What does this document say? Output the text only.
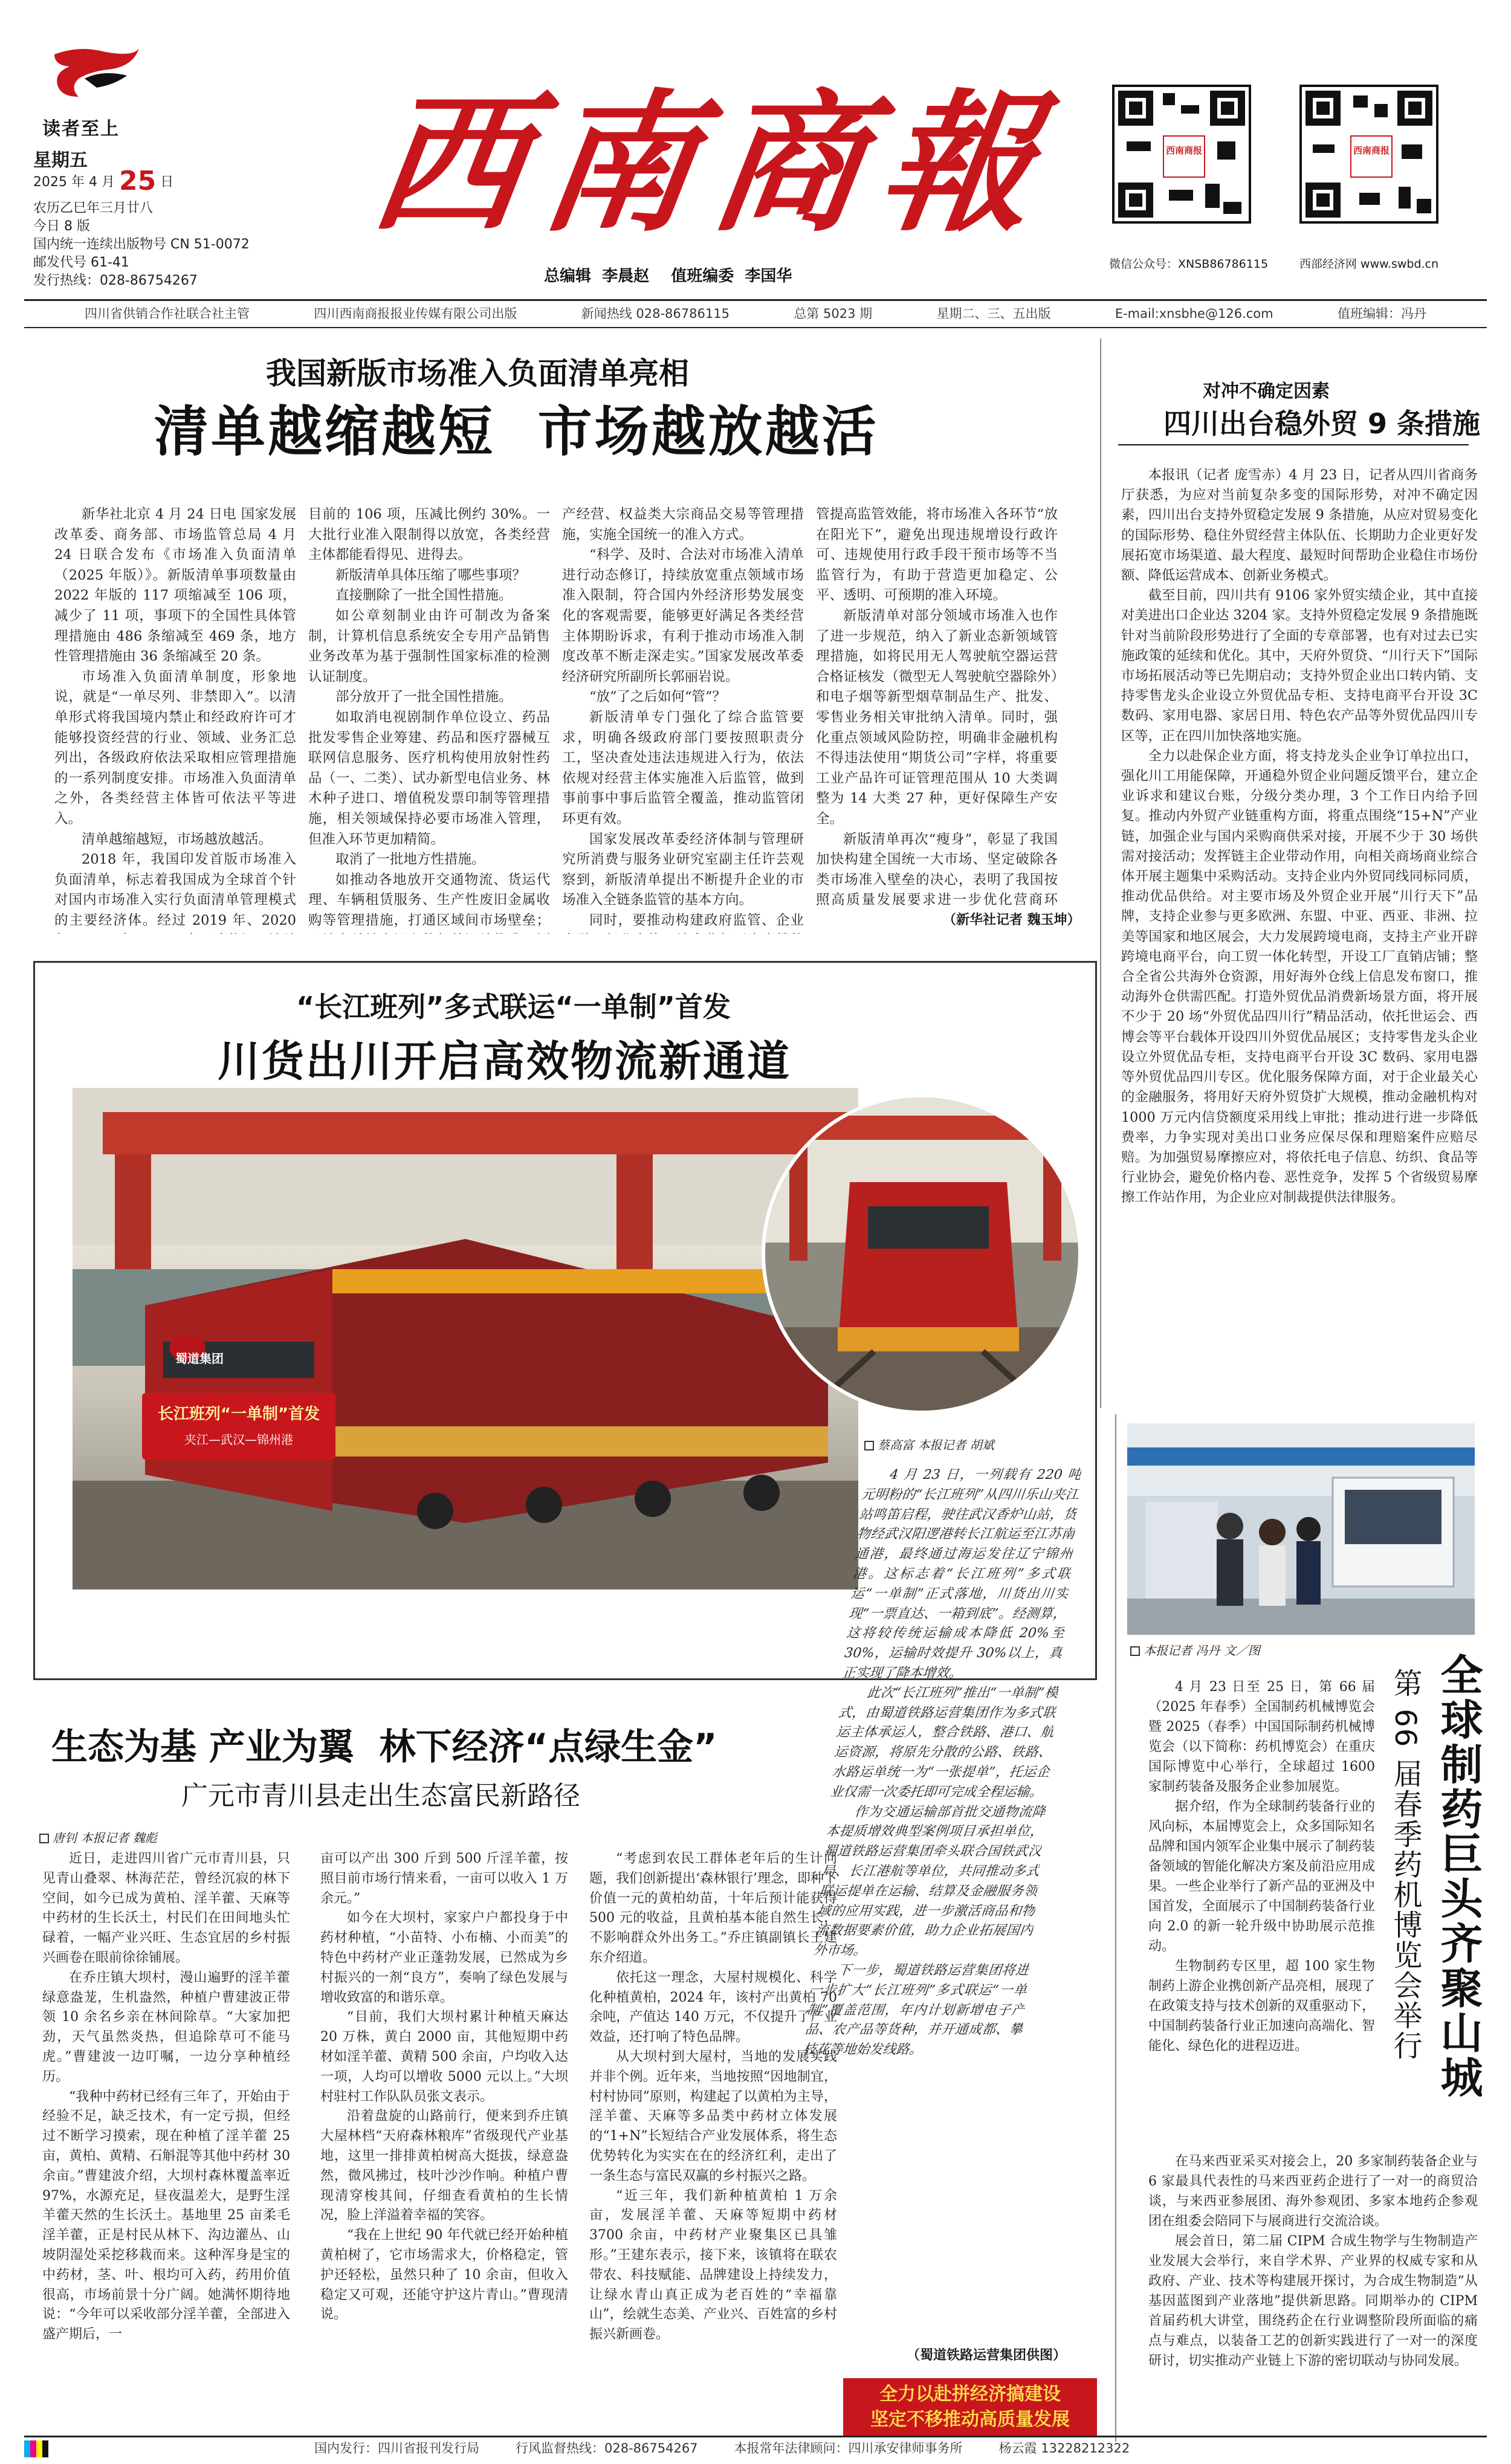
读者至上
星期五
2025 年 4 月 25 日
农历乙巳年三月廿八
今日 8 版
国内统一连续出版物号 CN 51-0072
邮发代号 61-41
发行热线：028-86754267
西南商報
总编辑  李晨赵    值班编委  李国华
西南商报
微信公众号：XNSB86786115
西南商报
西部经济网 www.swbd.cn
四川省供销合作社联合社主管	四川西南商报报业传媒有限公司出版	新闻热线 028-86786115	总第 5023 期	星期二、三、五出版	E-mail:xnsbhe@126.com	值班编辑：冯丹
我国新版市场准入负面清单亮相
清单越缩越短  市场越放越活

新华社北京 4 月 24 日电 国家发展改革委、商务部、市场监管总局 4 月 24 日联合发布《市场准入负面清单（2025 年版）》。新版清单事项数量由 2022 年版的 117 项缩减至 106 项，减少了 11 项，事项下的全国性具体管理措施由 486 条缩减至 469 条，地方性管理措施由 36 条缩减至 20 条。

市场准入负面清单制度，形象地说，就是“一单尽列、非禁即入”。以清单形式将我国境内禁止和经政府许可才能够投资经营的行业、领域、业务汇总列出，各级政府依法采取相应管理措施的一系列制度安排。市场准入负面清单之外，各类经营主体皆可依法平等进入。

清单越缩越短，市场越放越活。

2018 年，我国印发首版市场准入负面清单，标志着我国成为全球首个针对国内市场准入实行负面清单管理模式的主要经济体。经过 2019 年、2020

目前的 106 项，压减比例约 30%。一大批行业准入限制得以放宽，各类经营主体都能看得见、进得去。

新版清单具体压缩了哪些事项？

直接删除了一批全国性措施。

如公章刻制业由许可制改为备案制，计算机信息系统安全专用产品销售业务改革为基于强制性国家标准的检测认证制度。

部分放开了一批全国性措施。

如取消电视剧制作单位设立、药品批发零售企业筹建、药品和医疗器械互联网信息服务、医疗机构使用放射性药品（一、二类）、试办新型电信业务、林木种子进口、增值税发票印制等管理措施，相关领域保持必要市场准入管理，但准入环节更加精简。

取消了一批地方性措施。

如推动各地放开交通物流、货运代理、车辆租赁服务、生产性废旧金属收购等管理措施，打通区域间市场壁垒；

产经营、权益类大宗商品交易等管理措施，实施全国统一的准入方式。

“科学、及时、合法对市场准入清单进行动态修订，持续放宽重点领域市场准入限制，符合国内外经济形势发展变化的客观需要，能够更好满足各类经营主体期盼诉求，有利于推动市场准入制度改革不断走深走实。”国家发展改革委经济研究所副所长郭丽岩说。

“放”了之后如何“管”？

新版清单专门强化了综合监管要求，明确各级政府部门要按照职责分工，坚决查处违法违规进入行为，依法依规对经营主体实施准入后监管，做到事前事中事后监管全覆盖，推动监管闭环更有效。

国家发展改革委经济体制与管理研究所消费与服务业研究室副主任许芸观察到，新版清单提出不断提升企业的市场准入全链条监管的基本方向。

同时，要推动构建政府监管、企业

管提高监管效能，将市场准入各环节“放在阳光下”，避免出现违规增设行政许可、违规使用行政手段干预市场等不当监管行为，有助于营造更加稳定、公平、透明、可预期的准入环境。

新版清单对部分领域市场准入也作了进一步规范，纳入了新业态新领域管理措施，如将民用无人驾驶航空器运营合格证核发（微型无人驾驶航空器除外）和电子烟等新型烟草制品生产、批发、零售业务相关审批纳入清单。同时，强化重点领域风险防控，明确非金融机构不得违法使用“期货公司”字样，将重要工业产品许可证管理范围从 10 大类调整为 14 大类 27 种，更好保障生产安全。

新版清单再次“瘦身”，彰显了我国加快构建全国统一大市场、坚定破除各类市场准入壁垒的决心，表明了我国按照高质量发展要求进一步优化营商环

（新华社记者 魏玉坤）
对冲不确定因素
四川出台稳外贸 9 条措施

本报讯（记者 庞雪赤）4 月 23 日，记者从四川省商务厅获悉，为应对当前复杂多变的国际形势，对冲不确定因素，四川出台支持外贸稳定发展 9 条措施，从应对贸易变化的国际形势、稳住外贸经营主体队伍、长期助力企业更好发展拓宽市场渠道、最大程度、最短时间帮助企业稳住市场份额、降低运营成本、创新业务模式。

截至目前，四川共有 9106 家外贸实绩企业，其中直接对美进出口企业达 3204 家。支持外贸稳定发展 9 条措施既针对当前阶段形势进行了全面的专章部署，也有对过去已实施政策的延续和优化。其中，天府外贸贷、“川行天下”国际市场拓展活动等已先期启动；支持外贸企业出口转内销、支持零售龙头企业设立外贸优品专柜、支持电商平台开设 3C 数码、家用电器、家居日用、特色农产品等外贸优品四川专区等，正在四川加快落地实施。

全力以赴保企业方面，将支持龙头企业争订单拉出口，强化川工用能保障，开通稳外贸企业问题反馈平台，建立企业诉求和建议台账，分级分类办理，3 个工作日内给予回复。推动内外贸产业链重构方面，将重点围绕“15+N”产业链，加强企业与国内采购商供采对接，开展不少于 30 场供需对接活动；发挥链主企业带动作用，向相关商场商业综合体开展主题集中采购活动。支持企业内外贸同线同标同质，推动优品供给。对主要市场及外贸企业开展“川行天下”品牌，支持企业参与更多欧洲、东盟、中亚、西亚、非洲、拉美等国家和地区展会，大力发展跨境电商，支持主产业开辟跨境电商平台，向工贸一体化转型，开设工厂直销店铺；整合全省公共海外仓资源，用好海外仓线上信息发布窗口，推动海外仓供需匹配。打造外贸优品消费新场景方面，将开展不少于 20 场“外贸优品四川行”精品活动，依托世运会、西博会等平台载体开设四川外贸优品展区；支持零售龙头企业设立外贸优品专柜，支持电商平台开设 3C 数码、家用电器等外贸优品四川专区。优化服务保障方面，对于企业最关心的金融服务，将用好天府外贸贷扩大规模，推动金融机构对 1000 万元内信贷额度采用线上审批；推动进行进一步降低费率，力争实现对美出口业务应保尽保和理赔案件应赔尽赔。为加强贸易摩擦应对，将依托电子信息、纺织、食品等行业协会，避免价格内卷、恶性竞争，发挥 5 个省级贸易摩擦工作站作用，为企业应对制裁提供法律服务。

“长江班列”多式联运“一单制”首发
川货出川开启高效物流新通道
长江班列“一单制”首发
夹江—武汉—锦州港
蜀道集团
蔡高富 本报记者 胡斌

4 月 23 日，一列载有 220 吨元明粉的“长江班列”从四川乐山夹江站鸣笛启程，驶往武汉香炉山站，货物经武汉阳逻港转长江航运至江苏南通港，最终通过海运发往辽宁锦州港。这标志着“长江班列”多式联运“一单制”正式落地，川货出川实现“一票直达、一箱到底”。经测算，这将较传统运输成本降低 20%至 30%，运输时效提升 30%以上，真正实现了降本增效。

此次“长江班列”推出“一单制”模式，由蜀道铁路运营集团作为多式联运主体承运人，整合铁路、港口、航运资源，将原先分散的公路、铁路、水路运单统一为“一张提单”，托运企业仅需一次委托即可完成全程运输。

作为交通运输部首批交通物流降本提质增效典型案例项目承担单位，蜀道铁路运营集团牵头联合国铁武汉局、长江港航等单位，共同推动多式联运提单在运输、结算及金融服务领域的应用实践，进一步激活商品和物流数据要素价值，助力企业拓展国内外市场。

下一步，蜀道铁路运营集团将进一步扩大“长江班列”多式联运“一单制”覆盖范围，年内计划新增电子产品、农产品等货种，并开通成都、攀枝花等地始发线路。

（蜀道铁路运营集团供图）
全力以赴拼经济搞建设
坚定不移推动高质量发展
本报记者 冯丹 文／图
全球制药巨头齐聚山城
第 66 届春季药机博览会举行

4 月 23 日至 25 日，第 66 届（2025 年春季）全国制药机械博览会暨 2025（春季）中国国际制药机械博览会（以下简称：药机博览会）在重庆国际博览中心举行，全球超过 1600 家制药装备及服务企业参加展览。

据介绍，作为全球制药装备行业的风向标，本届博览会上，众多国际知名品牌和国内领军企业集中展示了制药装备领域的智能化解决方案及前沿应用成果。一些企业举行了新产品的亚洲及中国首发，全面展示了中国制药装备行业向 2.0 的新一轮升级中协助展示范推动。

生物制药专区里，超 100 家生物制药上游企业携创新产品亮相，展现了在政策支持与技术创新的双重驱动下，中国制药装备行业正加速向高端化、智能化、绿色化的进程迈进。

在马来西亚采买对接会上，20 多家制药装备企业与 6 家最具代表性的马来西亚药企进行了一对一的商贸洽谈，与来西亚参展团、海外参观团、多家本地药企参观团在组委会陪同下与展商进行交流洽谈。

展会首日，第二届 CIPM 合成生物学与生物制造产业发展大会举行，来自学术界、产业界的权威专家和从政府、产业、技术等构建展开探讨，为合成生物制造“从基因蓝图到产业落地”提供新思路。同期举办的 CIPM 首届药机大讲堂，围绕药企在行业调整阶段所面临的痛点与难点，以装备工艺的创新实践进行了一对一的深度研讨，切实推动产业链上下游的密切联动与协同发展。

生态为基 产业为翼  林下经济“点绿生金”
广元市青川县走出生态富民新路径
唐钊 本报记者 魏彪

近日，走进四川省广元市青川县，只见青山叠翠、林海茫茫，曾经沉寂的林下空间，如今已成为黄柏、淫羊藿、天麻等中药材的生长沃土，村民们在田间地头忙碌着，一幅产业兴旺、生态宜居的乡村振兴画卷在眼前徐徐铺展。

在乔庄镇大坝村，漫山遍野的淫羊藿绿意盎茏，生机盎然，种植户曹建波正带领 10 余名乡亲在林间除草。“大家加把劲，天气虽然炎热，但追除草可不能马虎。”曹建波一边叮嘱，一边分享种植经历。

“我种中药材已经有三年了，开始由于经验不足，缺乏技术，有一定亏损，但经过不断学习摸索，现在种植了淫羊藿 25 亩，黄柏、黄精、石斛混等其他中药材 30 余亩。”曹建波介绍，大坝村森林覆盖率近 97%，水源充足，昼夜温差大，是野生淫羊藿天然的生长沃土。基地里 25 亩柔毛淫羊藿，正是村民从林下、沟边灌丛、山坡阴湿处采挖移栽而来。这种浑身是宝的中药材，茎、叶、根均可入药，药用价值很高，市场前景十分广阔。她满怀期待地说：“今年可以采收部分淫羊藿，全部进入盛产期后，一

亩可以产出 300 斤到 500 斤淫羊藿，按照目前市场行情来看，一亩可以收入 1 万余元。”

如今在大坝村，家家户户都投身于中药材种植，“小苗特、小布楠、小而美”的特色中药材产业正蓬勃发展，已然成为乡村振兴的一剂“良方”，奏响了绿色发展与增收致富的和谐乐章。

“目前，我们大坝村累计种植天麻达 20 万株，黄白 2000 亩，其他短期中药材如淫羊藿、黄精 500 余亩，户均收入达一项，人均可以增收 5000 元以上。”大坝村驻村工作队队员张文表示。

沿着盘旋的山路前行，便来到乔庄镇大屋林档“天府森林粮库”省级现代产业基地，这里一排排黄柏树高大挺拔，绿意盎然，微风拂过，枝叶沙沙作响。种植户曹现清穿梭其间，仔细查看黄柏的生长情况，脸上洋溢着幸福的笑容。

“我在上世纪 90 年代就已经开始种植黄柏树了，它市场需求大，价格稳定，管护还轻松，虽然只种了 10 余亩，但收入稳定又可观，还能守护这片青山。”曹现清说。

“考虑到农民工群体老年后的生计问题，我们创新提出‘森林银行’理念，即种下价值一元的黄柏幼苗，十年后预计能获得 500 元的收益，且黄柏基本能自然生长，不影响群众外出务工。”乔庄镇副镇长王建东介绍道。

依托这一理念，大屋村规模化、科学化种植黄柏，2024 年，该村产出黄柏 70 余吨，产值达 140 万元，不仅提升了产业效益，还打响了特色品牌。

从大坝村到大屋村，当地的发展实践并非个例。近年来，当地按照“因地制宜，村村协同”原则，构建起了以黄柏为主导，淫羊藿、天麻等多品类中药材立体发展的“1+N”长短结合产业发展体系，将生态优势转化为实实在在的经济红利，走出了一条生态与富民双赢的乡村振兴之路。

“近三年，我们新种植黄柏 1 万余亩，发展淫羊藿、天麻等短期中药材 3700 余亩，中药材产业聚集区已具雏形。”王建东表示，接下来，该镇将在联农带农、科技赋能、品牌建设上持续发力，让绿水青山真正成为老百姓的“幸福靠山”，绘就生态美、产业兴、百姓富的乡村振兴新画卷。

国内发行：四川省报刊发行局	行风监督热线：028-86754267	本报常年法律顾问：四川承安律师事务所	杨云霞 13228212322
